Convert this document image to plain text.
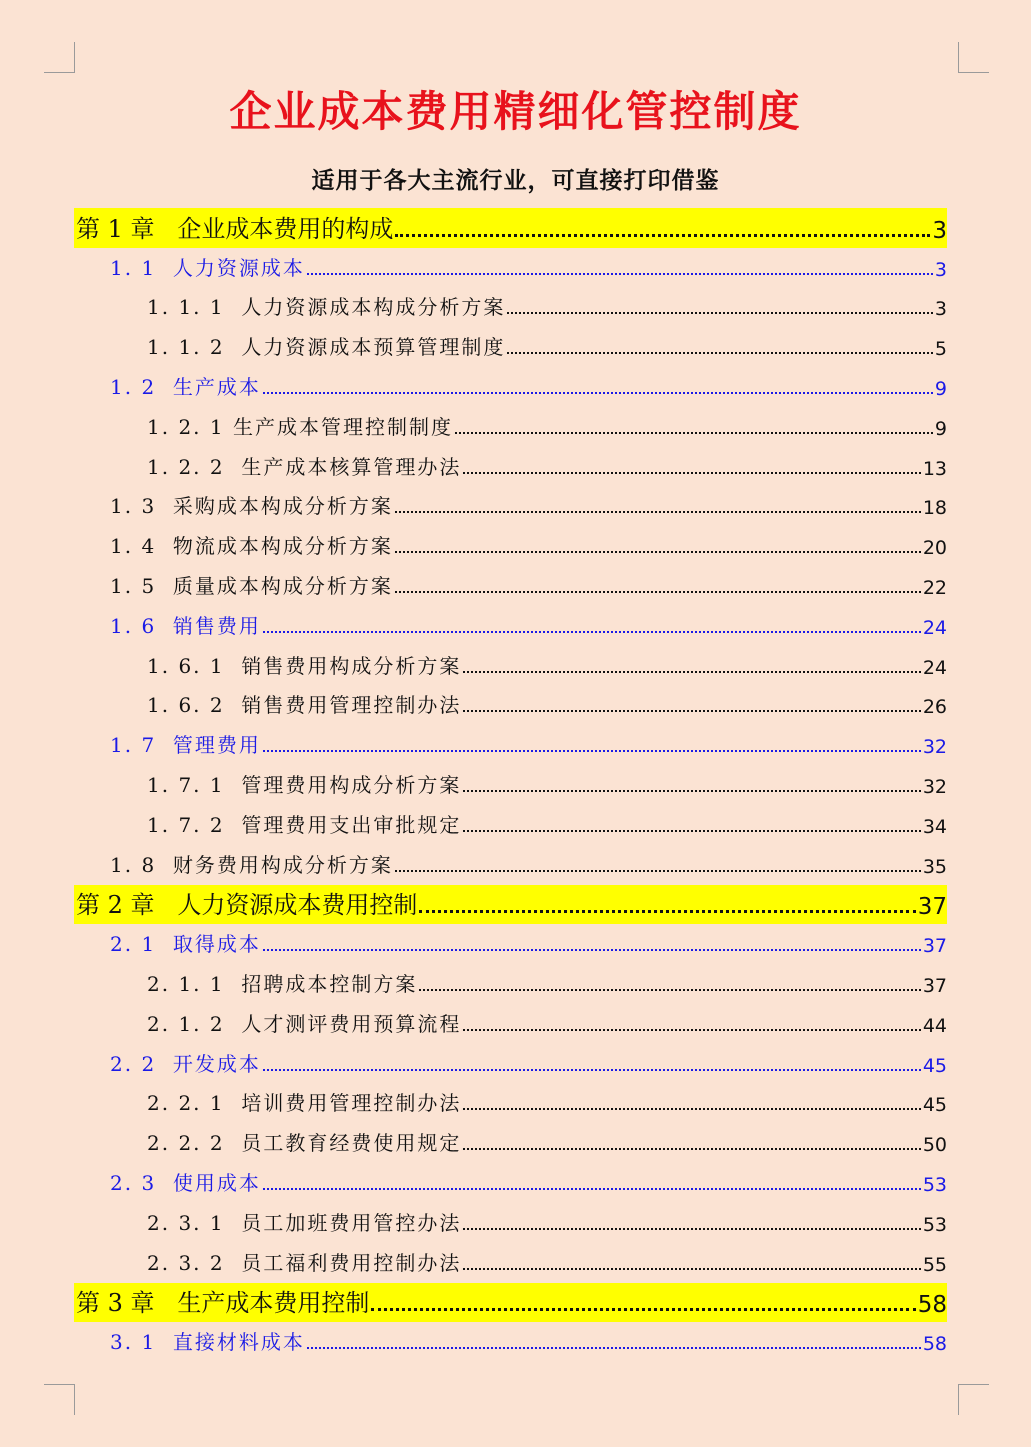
企业成本费用精细化管控制度
适用于各大主流行业，可直接打印借鉴
第 1 章   企业成本费用的构成	3
1. 1  人力资源成本	3
1. 1. 1  人力资源成本构成分析方案	3
1. 1. 2  人力资源成本预算管理制度	5
1. 2  生产成本	9
1. 2. 1 生产成本管理控制制度	9
1. 2. 2  生产成本核算管理办法	13
1. 3  采购成本构成分析方案	18
1. 4  物流成本构成分析方案	20
1. 5  质量成本构成分析方案	22
1. 6  销售费用	24
1. 6. 1  销售费用构成分析方案	24
1. 6. 2  销售费用管理控制办法	26
1. 7  管理费用	32
1. 7. 1  管理费用构成分析方案	32
1. 7. 2  管理费用支出审批规定	34
1. 8  财务费用构成分析方案	35
第 2 章   人力资源成本费用控制	37
2. 1  取得成本	37
2. 1. 1  招聘成本控制方案	37
2. 1. 2  人才测评费用预算流程	44
2. 2  开发成本	45
2. 2. 1  培训费用管理控制办法	45
2. 2. 2  员工教育经费使用规定	50
2. 3  使用成本	53
2. 3. 1  员工加班费用管控办法	53
2. 3. 2  员工福利费用控制办法	55
第 3 章   生产成本费用控制	58
3. 1  直接材料成本	58
